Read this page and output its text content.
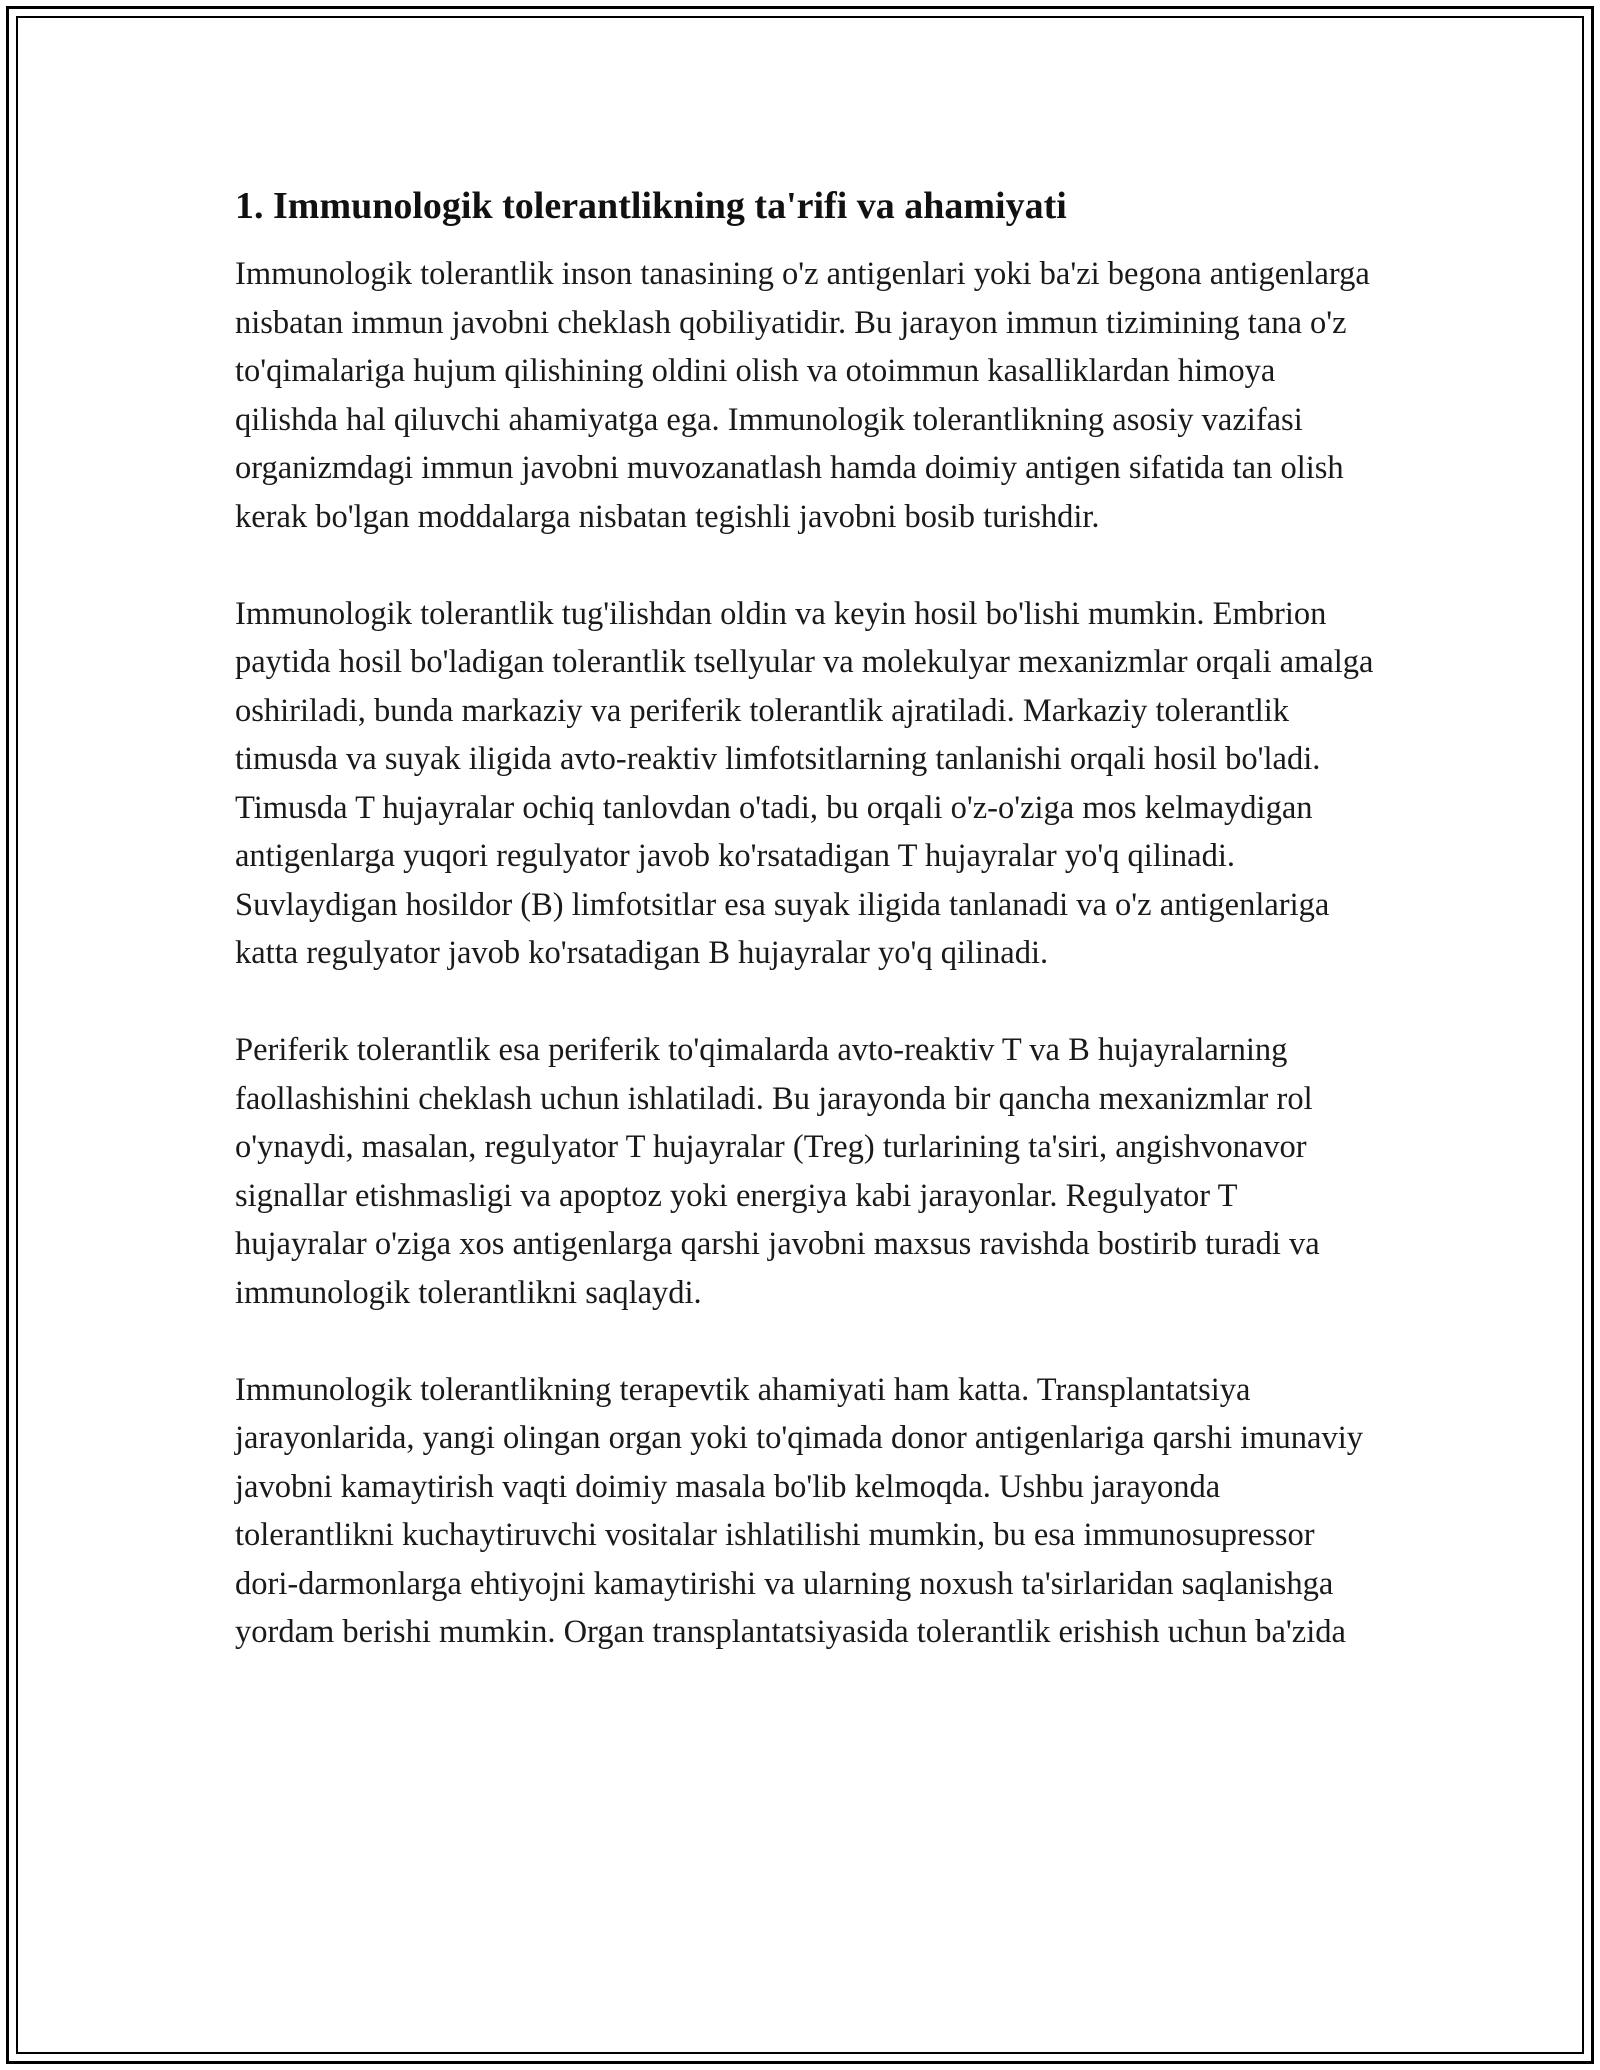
1. Immunologik tolerantlikning ta'rifi va ahamiyati

Immunologik tolerantlik inson tanasining o'z antigenlari yoki ba'zi begona antigenlarga nisbatan immun javobni cheklash qobiliyatidir. Bu jarayon immun tizimining tana o'z to'qimalariga hujum qilishining oldini olish va otoimmun kasalliklardan himoya qilishda hal qiluvchi ahamiyatga ega. Immunologik tolerantlikning asosiy vazifasi organizmdagi immun javobni muvozanatlash hamda doimiy antigen sifatida tan olish kerak bo'lgan moddalarga nisbatan tegishli javobni bosib turishdir.

Immunologik tolerantlik tug'ilishdan oldin va keyin hosil bo'lishi mumkin. Embrion paytida hosil bo'ladigan tolerantlik tsellyular va molekulyar mexanizmlar orqali amalga oshiriladi, bunda markaziy va periferik tolerantlik ajratiladi. Markaziy tolerantlik timusda va suyak iligida avto-reaktiv limfotsitlarning tanlanishi orqali hosil bo'ladi. Timusda T hujayralar ochiq tanlovdan o'tadi, bu orqali o'z-o'ziga mos kelmaydigan antigenlarga yuqori regulyator javob ko'rsatadigan T hujayralar yo'q qilinadi. Suvlaydigan hosildor (B) limfotsitlar esa suyak iligida tanlanadi va o'z antigenlariga katta regulyator javob ko'rsatadigan B hujayralar yo'q qilinadi.

Periferik tolerantlik esa periferik to'qimalarda avto-reaktiv T va B hujayralarning faollashishini cheklash uchun ishlatiladi. Bu jarayonda bir qancha mexanizmlar rol o'ynaydi, masalan, regulyator T hujayralar (Treg) turlarining ta'siri, angishvonavor signallar etishmasligi va apoptoz yoki energiya kabi jarayonlar. Regulyator T hujayralar o'ziga xos antigenlarga qarshi javobni maxsus ravishda bostirib turadi va immunologik tolerantlikni saqlaydi.

Immunologik tolerantlikning terapevtik ahamiyati ham katta. Transplantatsiya jarayonlarida, yangi olingan organ yoki to'qimada donor antigenlariga qarshi imunaviy javobni kamaytirish vaqti doimiy masala bo'lib kelmoqda. Ushbu jarayonda tolerantlikni kuchaytiruvchi vositalar ishlatilishi mumkin, bu esa immunosupressor dori-darmonlarga ehtiyojni kamaytirishi va ularning noxush ta'sirlaridan saqlanishga yordam berishi mumkin. Organ transplantatsiyasida tolerantlik erishish uchun ba'zida
